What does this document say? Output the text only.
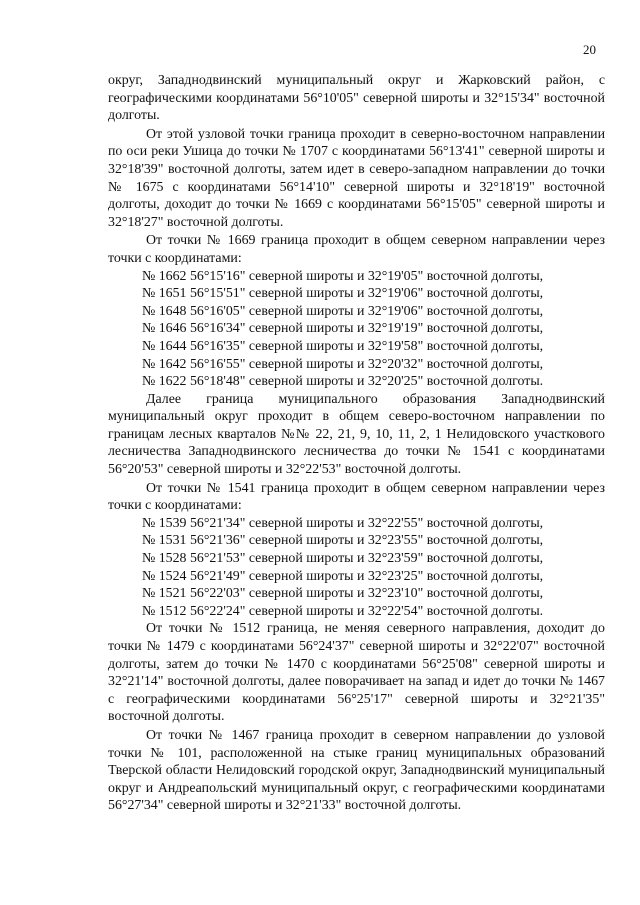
20

округ, Западнодвинский муниципальный округ и Жарковский район, с географическими координатами 56°10'05" северной широты и 32°15'34" восточной долготы.

От этой узловой точки граница проходит в северно-восточном направлении по оси реки Ушица до точки № 1707 с координатами 56°13'41" северной широты и 32°18'39" восточной долготы, затем идет в северо-западном направлении до точки № 1675 с координатами 56°14'10" северной широты и 32°18'19" восточной долготы, доходит до точки № 1669 с координатами 56°15'05" северной широты и 32°18'27" восточной долготы.

От точки № 1669 граница проходит в общем северном направлении через точки с координатами:

№ 1662 56°15'16" северной широты и 32°19'05" восточной долготы,
№ 1651 56°15'51" северной широты и 32°19'06" восточной долготы,
№ 1648 56°16'05" северной широты и 32°19'06" восточной долготы,
№ 1646 56°16'34" северной широты и 32°19'19" восточной долготы,
№ 1644 56°16'35" северной широты и 32°19'58" восточной долготы,
№ 1642 56°16'55" северной широты и 32°20'32" восточной долготы,
№ 1622 56°18'48" северной широты и 32°20'25" восточной долготы.

Далее граница муниципального образования Западнодвинский муниципальный округ проходит в общем северо-восточном направлении по границам лесных кварталов №№ 22, 21, 9, 10, 11, 2, 1 Нелидовского участкового лесничества Западнодвинского лесничества до точки № 1541 с координатами 56°20'53" северной широты и 32°22'53" восточной долготы.

От точки № 1541 граница проходит в общем северном направлении через точки с координатами:

№ 1539 56°21'34" северной широты и 32°22'55" восточной долготы,
№ 1531 56°21'36" северной широты и 32°23'55" восточной долготы,
№ 1528 56°21'53" северной широты и 32°23'59" восточной долготы,
№ 1524 56°21'49" северной широты и 32°23'25" восточной долготы,
№ 1521 56°22'03" северной широты и 32°23'10" восточной долготы,
№ 1512 56°22'24" северной широты и 32°22'54" восточной долготы.

От точки № 1512 граница, не меняя северного направления, доходит до точки № 1479 с координатами 56°24'37" северной широты и 32°22'07" восточной долготы, затем до точки № 1470 с координатами 56°25'08" северной широты и 32°21'14" восточной долготы, далее поворачивает на запад и идет до точки № 1467 с географическими координатами 56°25'17" северной широты и 32°21'35" восточной долготы.

От точки № 1467 граница проходит в северном направлении до узловой точки № 101, расположенной на стыке границ муниципальных образований Тверской области Нелидовский городской округ, Западнодвинский муниципальный округ и Андреапольский муниципальный округ, с географическими координатами 56°27'34" северной широты и 32°21'33" восточной долготы.
